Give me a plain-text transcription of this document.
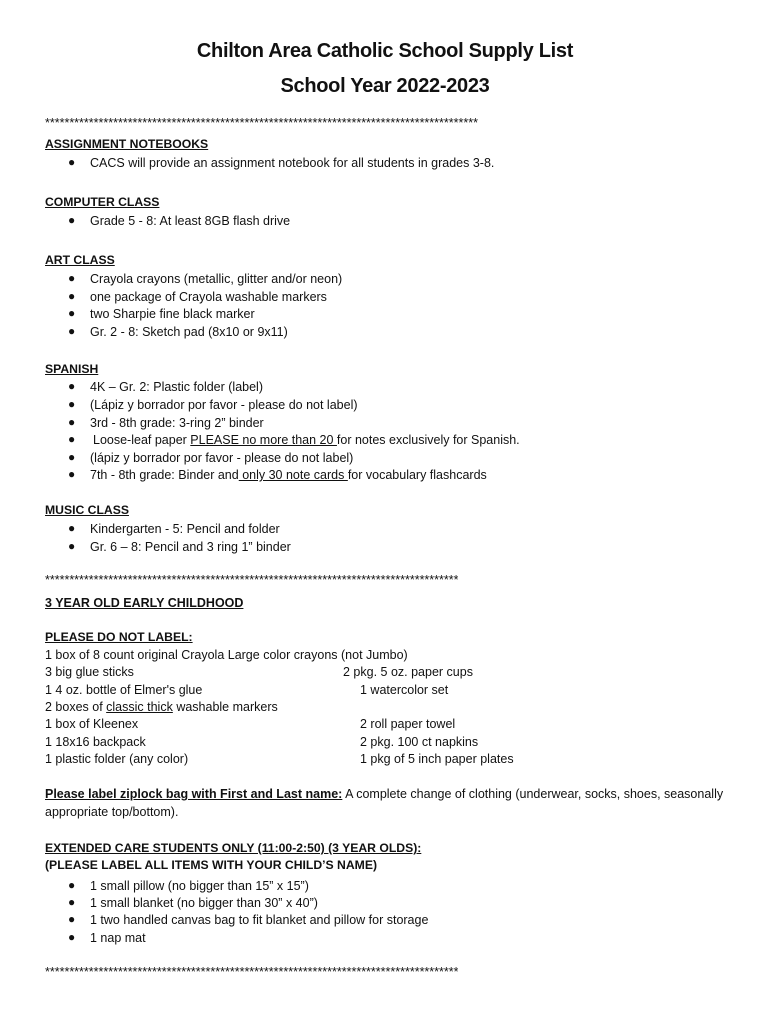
Chilton Area Catholic School Supply List
School Year 2022-2023
*****************************************************************************************
ASSIGNMENT NOTEBOOKS
● CACS will provide an assignment notebook for all students in grades 3-8.
COMPUTER CLASS
● Grade 5 - 8: At least 8GB flash drive
ART CLASS
● Crayola crayons (metallic, glitter and/or neon)
● one package of Crayola washable markers
● two Sharpie fine black marker
● Gr. 2 - 8: Sketch pad (8x10 or 9x11)
SPANISH
● 4K – Gr. 2: Plastic folder (label)
● (Lápiz y borrador por favor - please do not label)
● 3rd - 8th grade: 3-ring 2” binder
● Loose-leaf paper PLEASE no more than 20 for notes exclusively for Spanish.
● (lápiz y borrador por favor - please do not label)
● 7th - 8th grade: Binder and only 30 note cards for vocabulary flashcards
MUSIC CLASS
● Kindergarten - 5: Pencil and folder
● Gr. 6 – 8: Pencil and 3 ring 1” binder
*************************************************************************************
3 YEAR OLD EARLY CHILDHOOD
PLEASE DO NOT LABEL:
1 box of 8 count original Crayola Large color crayons (not Jumbo)
3 big glue sticks	2 pkg. 5 oz. paper cups
1 4 oz. bottle of Elmer's glue	1 watercolor set
2 boxes of classic thick washable markers
1 box of Kleenex	2 roll paper towel
1 18x16 backpack	2 pkg. 100 ct napkins
1 plastic folder (any color)	1 pkg of 5 inch paper plates
Please label ziplock bag with First and Last name: A complete change of clothing (underwear, socks, shoes, seasonally
appropriate top/bottom).
EXTENDED CARE STUDENTS ONLY (11:00-2:50) (3 YEAR OLDS):
(PLEASE LABEL ALL ITEMS WITH YOUR CHILD’S NAME)
● 1 small pillow (no bigger than 15” x 15”)
● 1 small blanket (no bigger than 30” x 40”)
● 1 two handled canvas bag to fit blanket and pillow for storage
● 1 nap mat
*************************************************************************************
